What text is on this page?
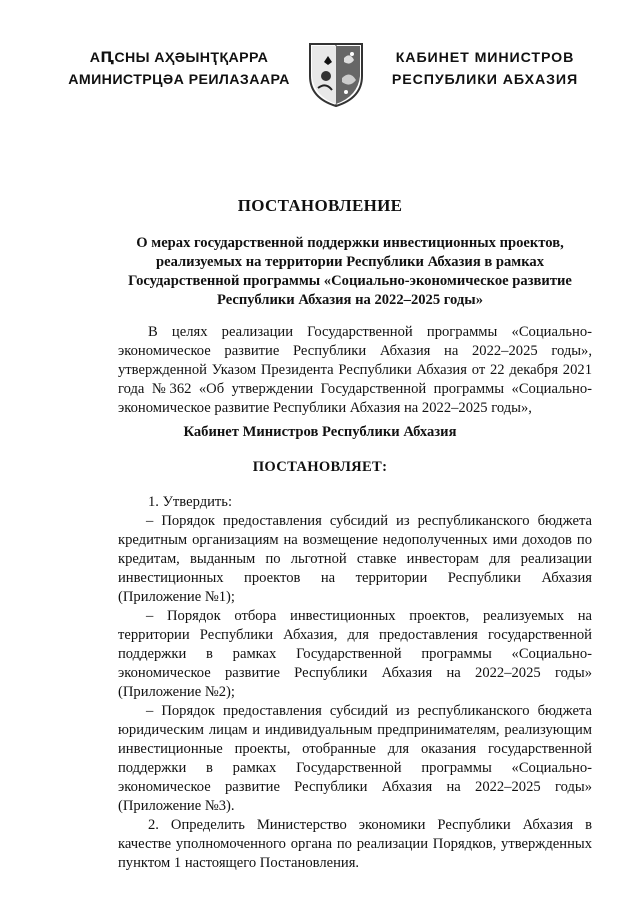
АԤСНЫ АҲӘЫНҬҚАРРА
АМИНИСТРЦӘА РЕИЛАЗААРА
КАБИНЕТ МИНИСТРОВ
РЕСПУБЛИКИ АБХАЗИЯ
ПОСТАНОВЛЕНИЕ
О мерах государственной поддержки инвестиционных проектов, реализуемых на территории Республики Абхазия в рамках Государственной программы «Социально-экономическое развитие Республики Абхазия на 2022–2025 годы»

В целях реализации Государственной программы «Социально-экономическое развитие Республики Абхазия на 2022–2025 годы», утвержденной Указом Президента Республики Абхазия от 22 декабря 2021 года №362 «Об утверждении Государственной программы «Социально-экономическое развитие Республики Абхазия на 2022–2025 годы»,

Кабинет Министров Республики Абхазия
ПОСТАНОВЛЯЕТ:

1. Утвердить:

– Порядок предоставления субсидий из республиканского бюджета кредитным организациям на возмещение недополученных ими доходов по кредитам, выданным по льготной ставке инвесторам для реализации инвестиционных проектов на территории Республики Абхазия (Приложение №1);

– Порядок отбора инвестиционных проектов, реализуемых на территории Республики Абхазия, для предоставления государственной поддержки в рамках Государственной программы «Социально-экономическое развитие Республики Абхазия на 2022–2025 годы» (Приложение №2);

– Порядок предоставления субсидий из республиканского бюджета юридическим лицам и индивидуальным предпринимателям, реализующим инвестиционные проекты, отобранные для оказания государственной поддержки в рамках Государственной программы «Социально-экономическое развитие Республики Абхазия на 2022–2025 годы» (Приложение №3).

2. Определить Министерство экономики Республики Абхазия в качестве уполномоченного органа по реализации Порядков, утвержденных пунктом 1 настоящего Постановления.
